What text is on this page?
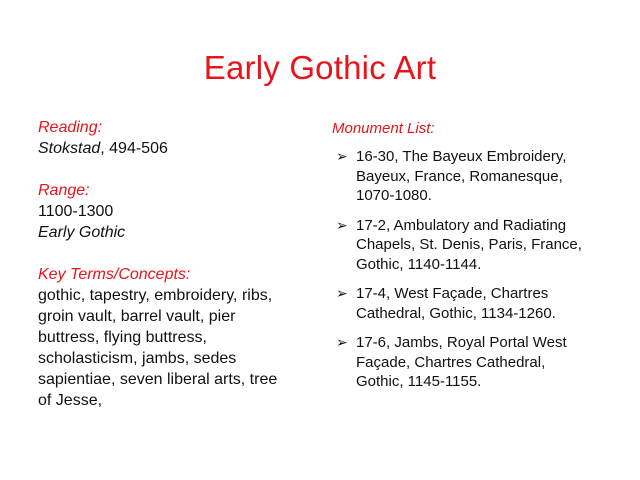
Early Gothic Art

Reading:

Stokstad, 494-506

Range:

1100-1300

Early Gothic

Key Terms/Concepts:

gothic, tapestry, embroidery, ribs,

groin vault, barrel vault, pier

buttress, flying buttress,

scholasticism, jambs, sedes

sapientiae, seven liberal arts, tree

of Jesse,

Monument List:

➢ 16-30, The Bayeux Embroidery,
Bayeux, France, Romanesque,
1070-1080.
➢ 17-2, Ambulatory and Radiating
Chapels, St. Denis, Paris, France,
Gothic, 1140-1144.
➢ 17-4, West Façade, Chartres
Cathedral, Gothic, 1134-1260.
➢ 17-6, Jambs, Royal Portal West
Façade, Chartres Cathedral,
Gothic, 1145-1155.
